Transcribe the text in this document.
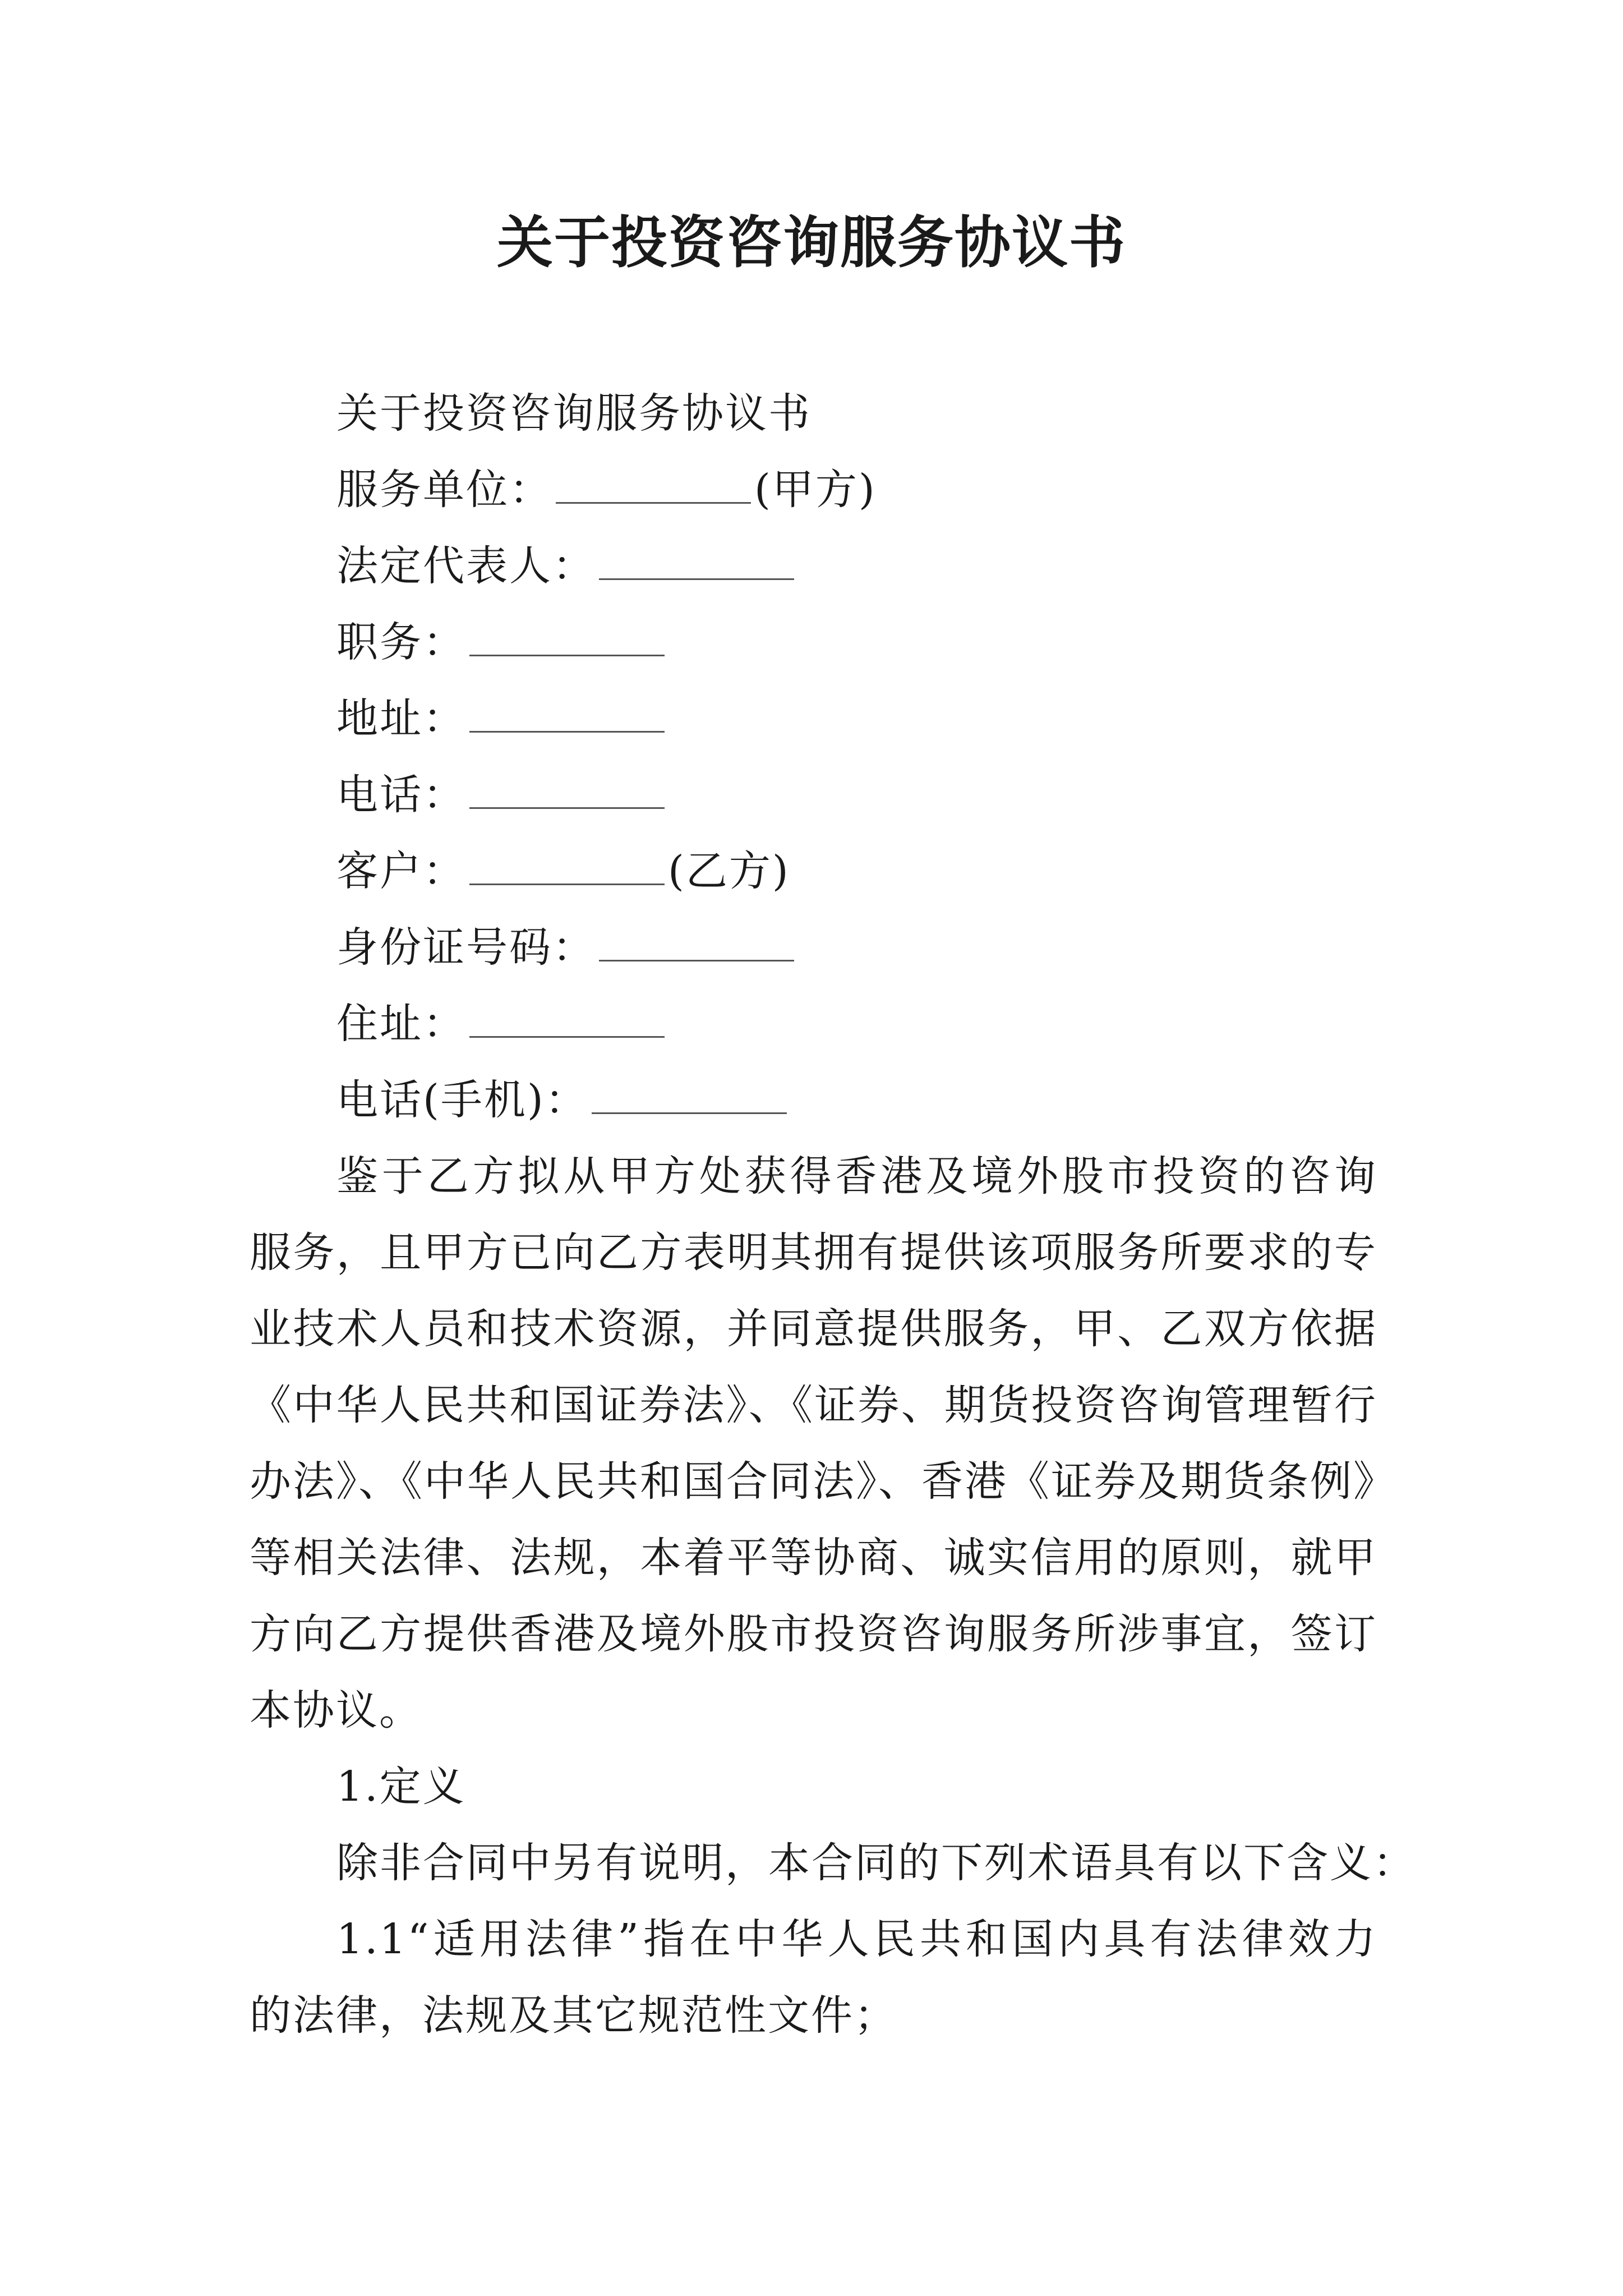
关于投资咨询服务协议书
关于投资咨询服务协议书
服务单位：	(甲方)
法定代表人：
职务：
地址：
电话：
客户：	(乙方)
身份证号码：
住址：
电话(手机)：
鉴于乙方拟从甲方处获得香港及境外股市投资的咨询
服务，且甲方已向乙方表明其拥有提供该项服务所要求的专
业技术人员和技术资源，并同意提供服务，甲、乙双方依据
《中华人民共和国证券法》、《证券、期货投资咨询管理暂行
办法》、《中华人民共和国合同法》、香港《证券及期货条例》
等相关法律、法规，本着平等协商、诚实信用的原则，就甲
方向乙方提供香港及境外股市投资咨询服务所涉事宜，签订
本协议。
1.定义
除非合同中另有说明，本合同的下列术语具有以下含义：
1.1“适用法律”指在中华人民共和国内具有法律效力
的法律，法规及其它规范性文件；
